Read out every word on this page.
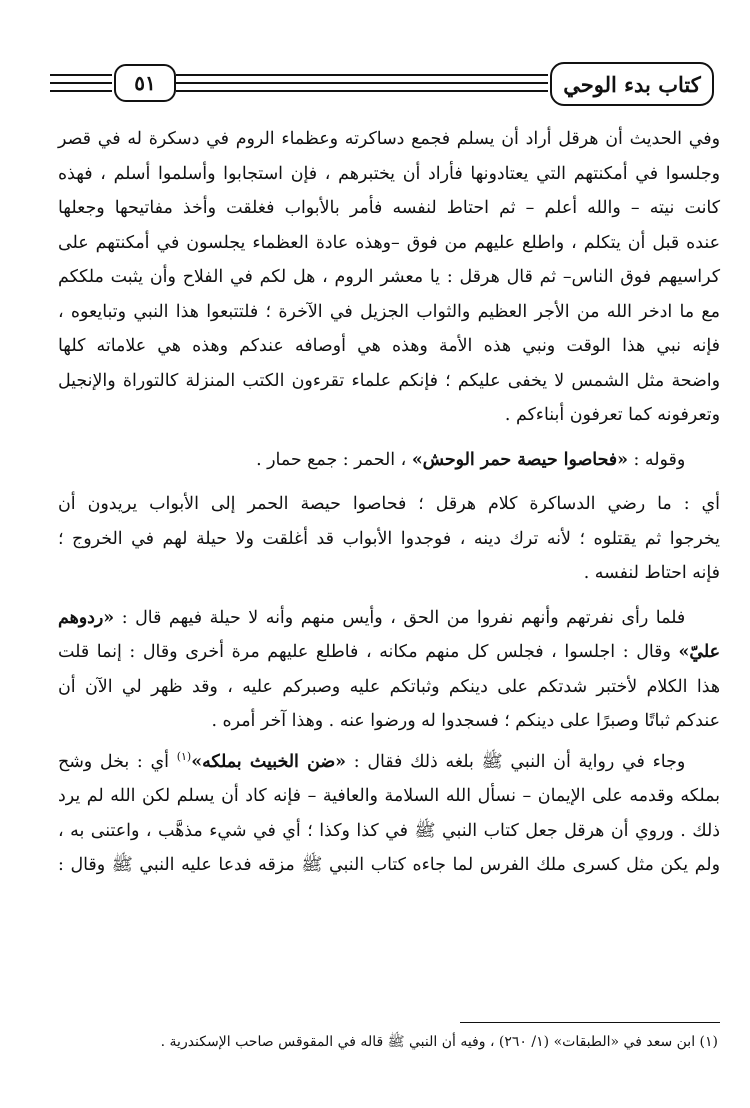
٥١	كتاب بدء الوحي
وفي الحديث أن هرقل أراد أن يسلم فجمع دساكرته وعظماء الروم في دسكرة له في قصر
وجلسوا في أمكنتهم التي يعتادونها فأراد أن يختبرهم ، فإن استجابوا وأسلموا أسلم ، فهذه
كانت نيته – والله أعلم – ثم احتاط لنفسه فأمر بالأبواب فغلقت وأخذ مفاتيحها وجعلها
عنده قبل أن يتكلم ، واطلع عليهم من فوق –وهذه عادة العظماء يجلسون في أمكنتهم على
كراسيهم فوق الناس– ثم قال هرقل : يا معشر الروم ، هل لكم في الفلاح وأن يثبت ملككم
مع ما ادخر الله من الأجر العظيم والثواب الجزيل في الآخرة ؛ فلتتبعوا هذا النبي وتبايعوه ،
فإنه نبي هذا الوقت ونبي هذه الأمة وهذه هي أوصافه عندكم وهذه هي علاماته كلها
واضحة مثل الشمس لا يخفى عليكم ؛ فإنكم علماء تقرءون الكتب المنزلة كالتوراة والإنجيل
وتعرفونه كما تعرفون أبناءكم .
  وقوله : «فحاصوا حيصة حمر الوحش» ، الحمر : جمع حمار .
أي : ما رضي الدساكرة كلام هرقل ؛ فحاصوا حيصة الحمر إلى الأبواب يريدون أن
يخرجوا ثم يقتلوه ؛ لأنه ترك دينه ، فوجدوا الأبواب قد أغلقت ولا حيلة لهم في الخروج ؛
فإنه احتاط لنفسه .
  فلما رأى نفرتهم وأنهم نفروا من الحق ، وأيس منهم وأنه لا حيلة فيهم قال : «ردوهم
عليّ» وقال : اجلسوا ، فجلس كل منهم مكانه ، فاطلع عليهم مرة أخرى وقال : إنما قلت
هذا الكلام لأختبر شدتكم على دينكم وثباتكم عليه وصبركم عليه ، وقد ظهر لي الآن أن
عندكم ثباتًا وصبرًا على دينكم ؛ فسجدوا له ورضوا عنه . وهذا آخر أمره .
  وجاء في رواية أن النبي ﷺ بلغه ذلك فقال : «ضن الخبيث بملكه»$^{(١)}$ أي : بخل وشح
بملكه وقدمه على الإيمان – نسأل الله السلامة والعافية – فإنه كاد أن يسلم لكن الله لم يرد
ذلك . وروي أن هرقل جعل كتاب النبي ﷺ في كذا وكذا ؛ أي في شيء مذهَّب ، واعتنى به ،
ولم يكن مثل كسرى ملك الفرس لما جاءه كتاب النبي ﷺ مزقه فدعا عليه النبي ﷺ وقال :
(١) ابن سعد في «الطبقات» (١/ ٢٦٠) ، وفيه أن النبي ﷺ قاله في المقوقس صاحب الإسكندرية .
